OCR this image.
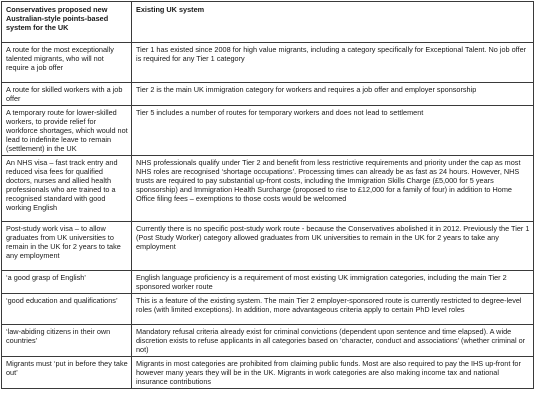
Conservatives proposed new Australian-style points-based system for the UK	Existing UK system
A route for the most exceptionally talented migrants, who will not require a job offer	Tier 1 has existed since 2008 for high value migrants, including a category specifically for Exceptional Talent. No job offer is required for any Tier 1 category
A route for skilled workers with a job offer	Tier 2 is the main UK immigration category for workers and requires a job offer and employer sponsorship
A temporary route for lower-skilled workers, to provide relief for workforce shortages, which would not lead to indefinite leave to remain (settlement) in the UK	Tier 5 includes a number of routes for temporary workers and does not lead to settlement
An NHS visa – fast track entry and reduced visa fees for qualified doctors, nurses and allied health professionals who are trained to a recognised standard with good working English	NHS professionals qualify under Tier 2 and benefit from less restrictive requirements and priority under the cap as most NHS roles are recognised ‘shortage occupations’. Processing times can already be as fast as 24 hours. However, NHS trusts are required to pay substantial up-front costs, including the Immigration Skills Charge (£5,000 for 5 years sponsorship) and Immigration Health Surcharge (proposed to rise to £12,000 for a family of four) in addition to Home Office filing fees – exemptions to those costs would be welcomed
Post-study work visa – to allow graduates from UK universities to remain in the UK for 2 years to take any employment	Currently there is no specific post-study work route - because the Conservatives abolished it in 2012. Previously the Tier 1 (Post Study Worker) category allowed graduates from UK universities to remain in the UK for 2 years to take any employment
‘a good grasp of English’	English language proficiency is a requirement of most existing UK immigration categories, including the main Tier 2 sponsored worker route
‘good education and qualifications’	This is a feature of the existing system. The main Tier 2 employer-sponsored route is currently restricted to degree-level roles (with limited exceptions). In addition, more advantageous criteria apply to certain PhD level roles
‘law-abiding citizens in their own countries’	Mandatory refusal criteria already exist for criminal convictions (dependent upon sentence and time elapsed). A wide discretion exists to refuse applicants in all categories based on ‘character, conduct and associations’ (whether criminal or not)
Migrants must ‘put in before they take out’	Migrants in most categories are prohibited from claiming public funds. Most are also required to pay the IHS up-front for however many years they will be in the UK. Migrants in work categories are also making income tax and national insurance contributions
